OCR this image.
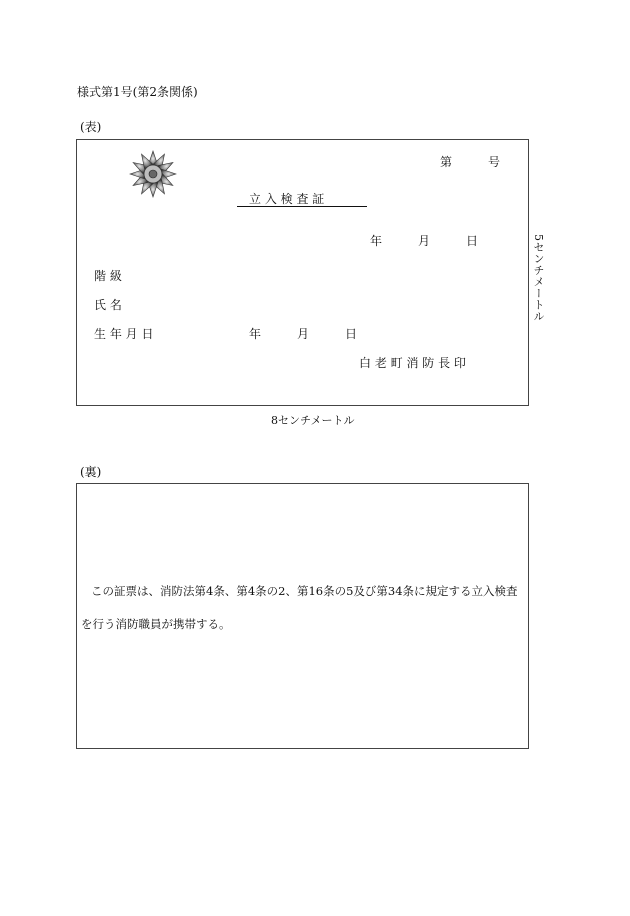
様式第1号(第2条関係)
(表)
第　　　号
立 入 検 査 証
年　　　月　　　日
階 級
氏 名
生 年 月 日	年　　　月　　　日
白 老 町 消 防 長 印
5センチメートル
8センチメートル
(裏)
この証票は、消防法第4条、第4条の2、第16条の5及び第34条に規定する立入検査
を行う消防職員が携帯する。
